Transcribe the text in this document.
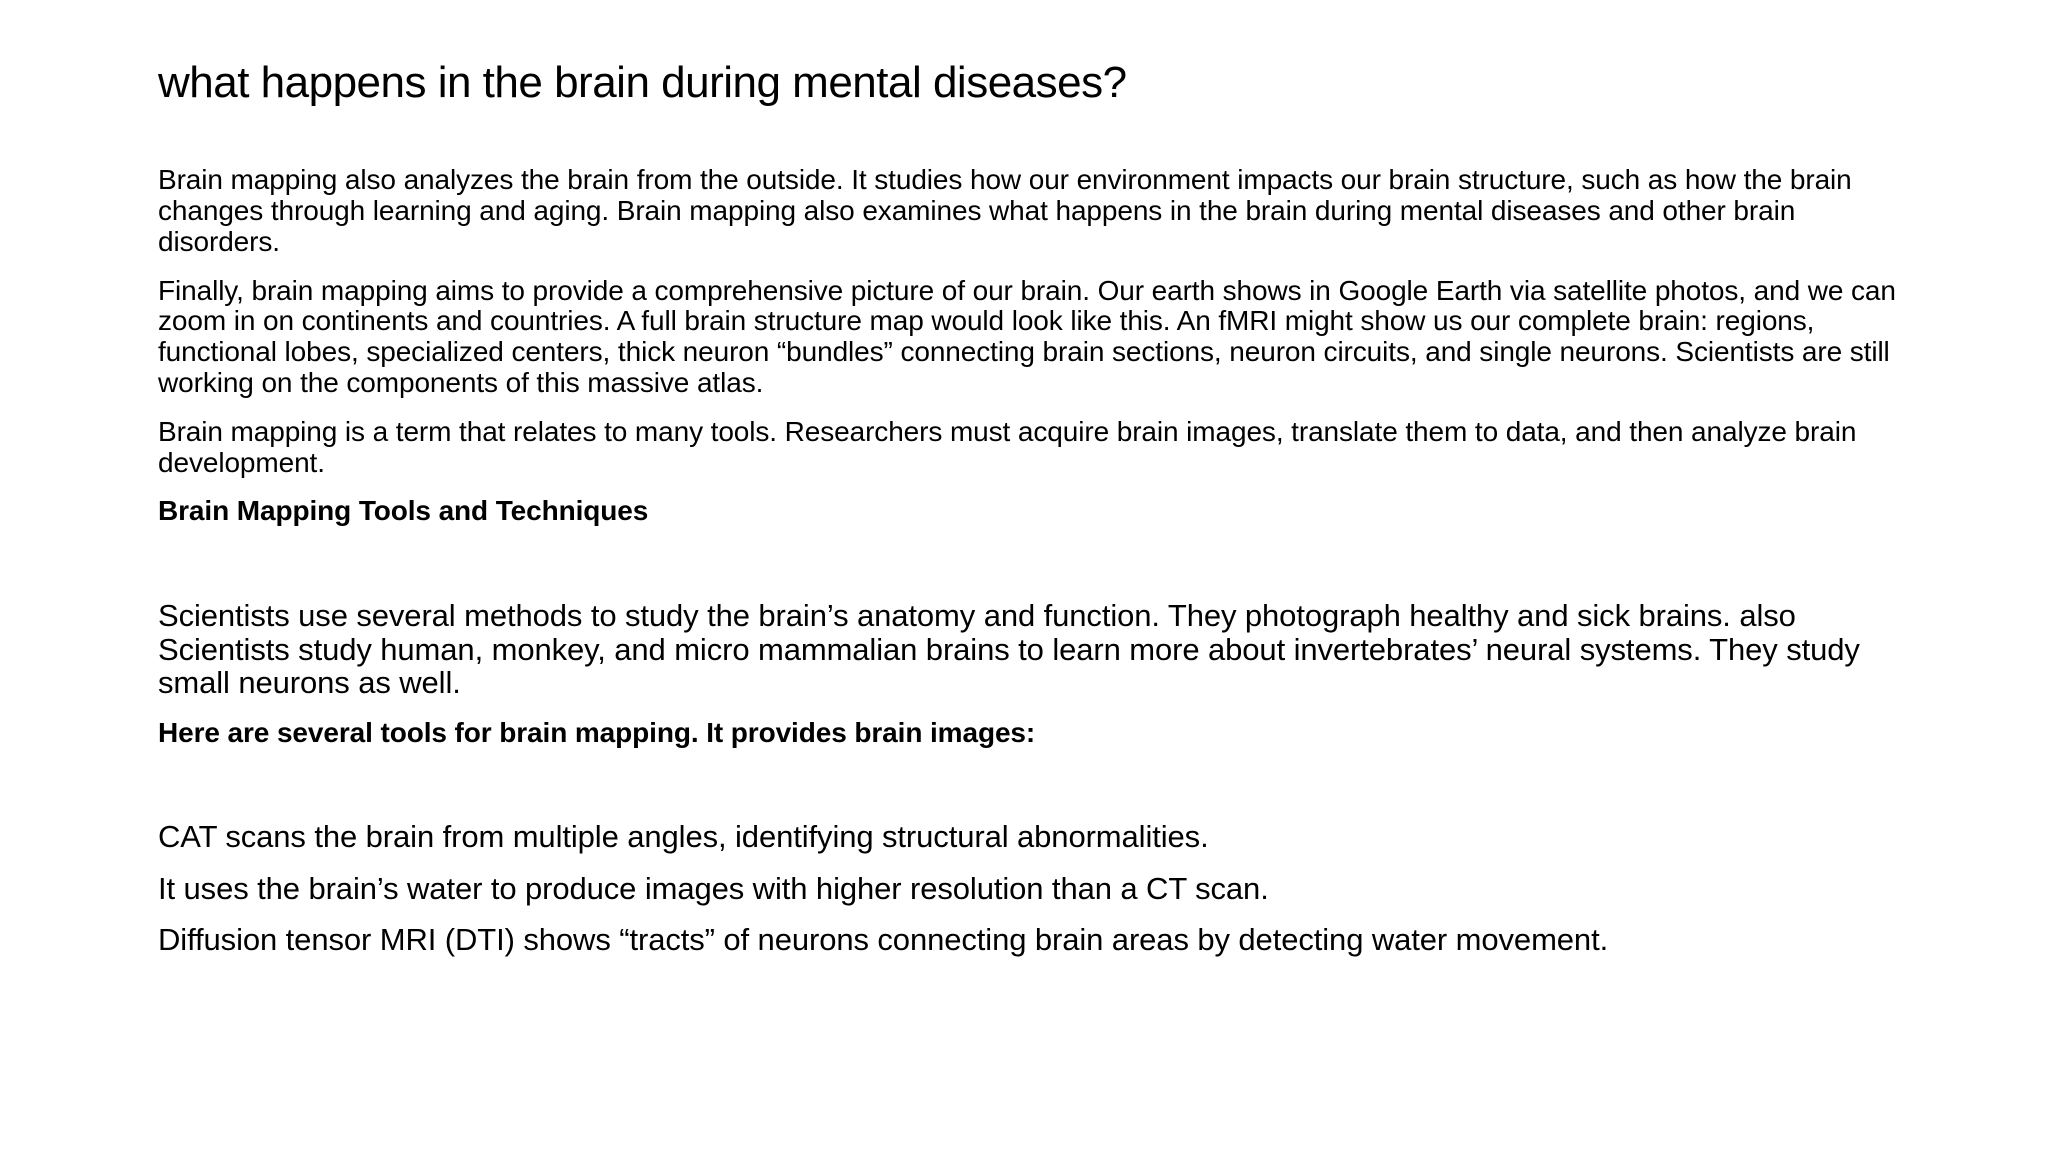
what happens in the brain during mental diseases?

Brain mapping also analyzes the brain from the outside. It studies how our environment impacts our brain structure, such as how the brain changes through learning and aging. Brain mapping also examines what happens in the brain during mental diseases and other brain disorders.

Finally, brain mapping aims to provide a comprehensive picture of our brain. Our earth shows in Google Earth via satellite photos, and we can zoom in on continents and countries. A full brain structure map would look like this. An fMRI might show us our complete brain: regions, functional lobes, specialized centers, thick neuron “bundles” connecting brain sections, neuron circuits, and single neurons. Scientists are still working on the components of this massive atlas.

Brain mapping is a term that relates to many tools. Researchers must acquire brain images, translate them to data, and then analyze brain development.

Brain Mapping Tools and Techniques

Scientists use several methods to study the brain’s anatomy and function. They photograph healthy and sick brains. also Scientists study human, monkey, and micro mammalian brains to learn more about invertebrates’ neural systems. They study small neurons as well.

Here are several tools for brain mapping. It provides brain images:

CAT scans the brain from multiple angles, identifying structural abnormalities.

It uses the brain’s water to produce images with higher resolution than a CT scan.

Diffusion tensor MRI (DTI) shows “tracts” of neurons connecting brain areas by detecting water movement.
